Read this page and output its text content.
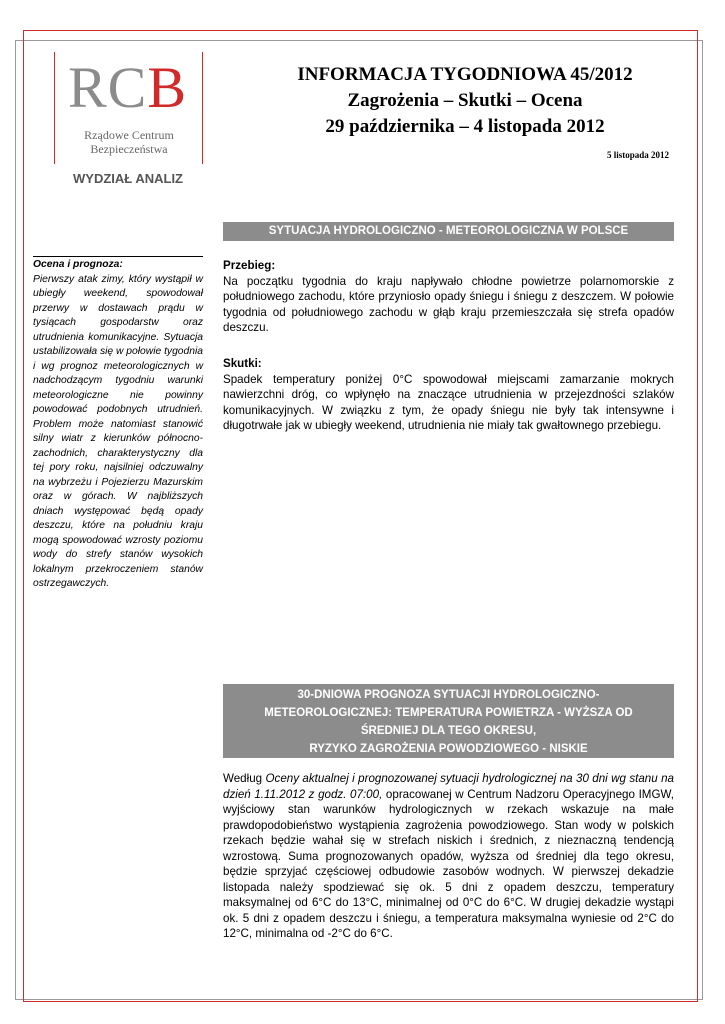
RCB
Rządowe Centrum
Bezpieczeństwa
WYDZIAŁ ANALIZ
INFORMACJA TYGODNIOWA 45/2012
Zagrożenia – Skutki – Ocena
29 października – 4 listopada 2012
5 listopada 2012
SYTUACJA HYDROLOGICZNO - METEOROLOGICZNA W POLSCE
Ocena i prognoza:
Pierwszy atak zimy, który wystąpił w ubiegły weekend, spowodował przerwy w dostawach prądu w tysiącach gospodarstw oraz utrudnienia komunikacyjne. Sytuacja ustabilizowała się w połowie tygodnia i wg prognoz meteorologicznych w nadchodzącym tygodniu warunki meteorologiczne nie powinny powodować podobnych utrudnień. Problem może natomiast stanowić silny wiatr z kierunków północno-zachodnich, charakterystyczny dla tej pory roku, najsilniej odczuwalny na wybrzeżu i Pojezierzu Mazurskim oraz w górach. W najbliższych dniach występować będą opady deszczu, które na południu kraju mogą spowodować wzrosty poziomu wody do strefy stanów wysokich lokalnym przekroczeniem stanów ostrzegawczych.
Przebieg:
Na początku tygodnia do kraju napływało chłodne powietrze polarnomorskie z południowego zachodu, które przyniosło opady śniegu i śniegu z deszczem. W połowie tygodnia od południowego zachodu w głąb kraju przemieszczała się strefa opadów deszczu.
Skutki:
Spadek temperatury poniżej 0°C spowodował miejscami zamarzanie mokrych nawierzchni dróg, co wpłynęło na znaczące utrudnienia w przejezdności szlaków komunikacyjnych. W związku z tym, że opady śniegu nie były tak intensywne i długotrwałe jak w ubiegły weekend, utrudnienia nie miały tak gwałtownego przebiegu.
30-DNIOWA PROGNOZA SYTUACJI HYDROLOGICZNO-
METEOROLOGICZNEJ: TEMPERATURA POWIETRZA - WYŻSZA OD
ŚREDNIEJ DLA TEGO OKRESU,
RYZYKO ZAGROŻENIA POWODZIOWEGO - NISKIE
Według Oceny aktualnej i prognozowanej sytuacji hydrologicznej na 30 dni wg stanu na dzień 1.11.2012 z godz. 07:00, opracowanej w Centrum Nadzoru Operacyjnego IMGW, wyjściowy stan warunków hydrologicznych w rzekach wskazuje na małe prawdopodobieństwo wystąpienia zagrożenia powodziowego. Stan wody w polskich rzekach będzie wahał się w strefach niskich i średnich, z nieznaczną tendencją wzrostową. Suma prognozowanych opadów, wyższa od średniej dla tego okresu, będzie sprzyjać częściowej odbudowie zasobów wodnych. W pierwszej dekadzie listopada należy spodziewać się ok. 5 dni z opadem deszczu, temperatury maksymalnej od 6°C do 13°C, minimalnej od 0°C do 6°C. W drugiej dekadzie wystąpi ok. 5 dni z opadem deszczu i śniegu, a temperatura maksymalna wyniesie od 2°C do 12°C, minimalna od -2°C do 6°C.
